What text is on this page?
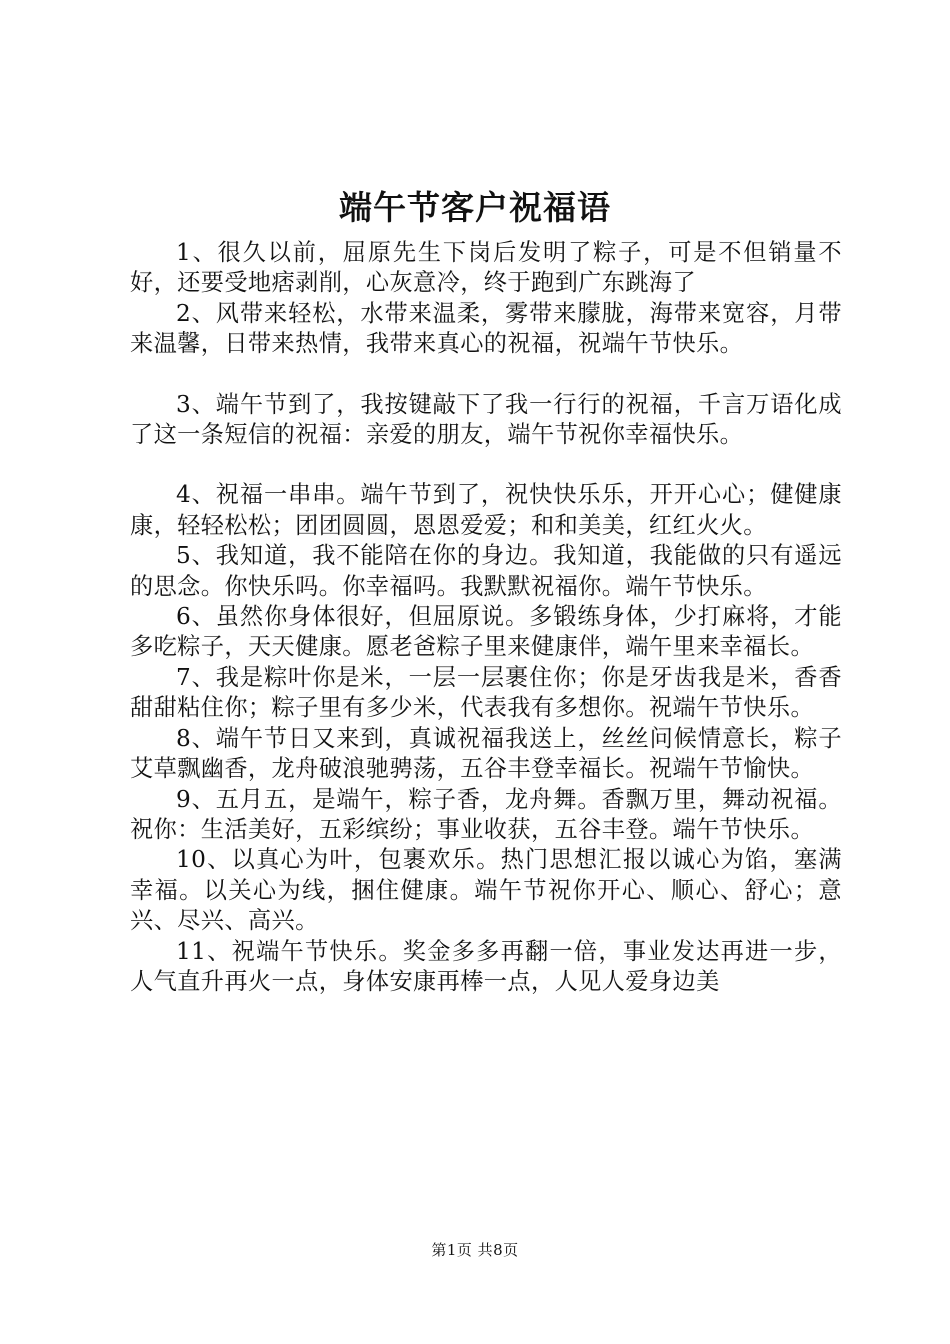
端午节客户祝福语

1、很久以前，屈原先生下岗后发明了粽子，可是不但销量不好，还要受地痞剥削，心灰意冷，终于跑到广东跳海了

2、风带来轻松，水带来温柔，雾带来朦胧，海带来宽容，月带来温馨，日带来热情，我带来真心的祝福，祝端午节快乐。

3、端午节到了，我按键敲下了我一行行的祝福，千言万语化成了这一条短信的祝福：亲爱的朋友，端午节祝你幸福快乐。

4、祝福一串串。端午节到了，祝快快乐乐，开开心心；健健康康，轻轻松松；团团圆圆，恩恩爱爱；和和美美，红红火火。

5、我知道，我不能陪在你的身边。我知道，我能做的只有遥远的思念。你快乐吗。你幸福吗。我默默祝福你。端午节快乐。

6、虽然你身体很好，但屈原说。多锻练身体，少打麻将，才能多吃粽子，天天健康。愿老爸粽子里来健康伴，端午里来幸福长。

7、我是粽叶你是米，一层一层裹住你；你是牙齿我是米，香香甜甜粘住你；粽子里有多少米，代表我有多想你。祝端午节快乐。

8、端午节日又来到，真诚祝福我送上，丝丝问候情意长，粽子艾草飘幽香，龙舟破浪驰骋荡，五谷丰登幸福长。祝端午节愉快。

9、五月五，是端午，粽子香，龙舟舞。香飘万里，舞动祝福。祝你：生活美好，五彩缤纷；事业收获，五谷丰登。端午节快乐。

10、以真心为叶，包裹欢乐。热门思想汇报以诚心为馅，塞满幸福。以关心为线，捆住健康。端午节祝你开心、顺心、舒心；意兴、尽兴、高兴。

11、祝端午节快乐。奖金多多再翻一倍，事业发达再进一步，人气直升再火一点，身体安康再棒一点，人见人爱身边美

第1页 共8页
